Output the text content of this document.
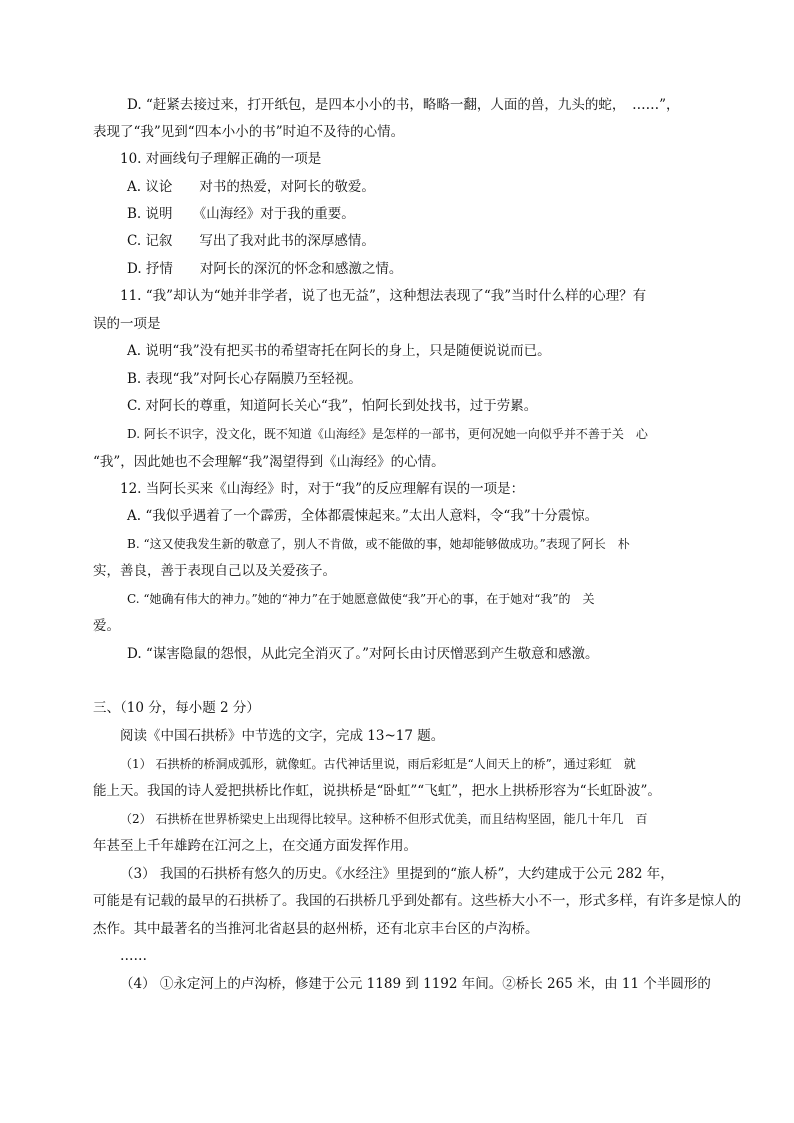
D. “赶紧去接过来，打开纸包，是四本小小的书，略略一翻，人面的兽，九头的蛇，　……”，
表现了“我”见到“四本小小的书”时迫不及待的心情。
10. 对画线句子理解正确的一项是
A. 议论　　对书的热爱，对阿长的敬爱。
B. 说明　　《山海经》对于我的重要。
C. 记叙　　写出了我对此书的深厚感情。
D. 抒情　　对阿长的深沉的怀念和感激之情。
11. “我”却认为“她并非学者，说了也无益”，这种想法表现了“我”当时什么样的心理？有
误的一项是
A. 说明“我”没有把买书的希望寄托在阿长的身上，只是随便说说而已。
B. 表现“我”对阿长心存隔膜乃至轻视。
C. 对阿长的尊重，知道阿长关心“我”，怕阿长到处找书，过于劳累。
D. 阿长不识字，没文化，既不知道《山海经》是怎样的一部书，更何况她一向似乎并不善于关　心
“我”，因此她也不会理解“我”渴望得到《山海经》的心情。
12. 当阿长买来《山海经》时，对于“我”的反应理解有误的一项是：
A. “我似乎遇着了一个霹雳，全体都震悚起来。”太出人意料，令“我”十分震惊。
B. “这又使我发生新的敬意了，别人不肯做，或不能做的事，她却能够做成功。”表现了阿长　朴
实，善良，善于表现自己以及关爱孩子。
C. “她确有伟大的神力。”她的“神力”在于她愿意做使“我”开心的事，在于她对“我”的　关
爱。
D. “谋害隐鼠的怨恨，从此完全消灭了。”对阿长由讨厌憎恶到产生敬意和感激。
三、（10 分，每小题 2 分）
阅读《中国石拱桥》中节选的文字，完成 13~17 题。
（1） 石拱桥的桥洞成弧形，就像虹。古代神话里说，雨后彩虹是“人间天上的桥”，通过彩虹　就
能上天。我国的诗人爱把拱桥比作虹，说拱桥是“卧虹”“飞虹”，把水上拱桥形容为“长虹卧波”。
（2） 石拱桥在世界桥梁史上出现得比较早。这种桥不但形式优美，而且结构坚固，能几十年几　百
年甚至上千年雄跨在江河之上，在交通方面发挥作用。
（3） 我国的石拱桥有悠久的历史。《水经注》里提到的“旅人桥”，大约建成于公元 282 年，
可能是有记载的最早的石拱桥了。我国的石拱桥几乎到处都有。这些桥大小不一，形式多样，有许多是惊人的
杰作。其中最著名的当推河北省赵县的赵州桥，还有北京丰台区的卢沟桥。
……
（4） ①永定河上的卢沟桥，修建于公元 1189 到 1192 年间。②桥长 265 米，由 11 个半圆形的
